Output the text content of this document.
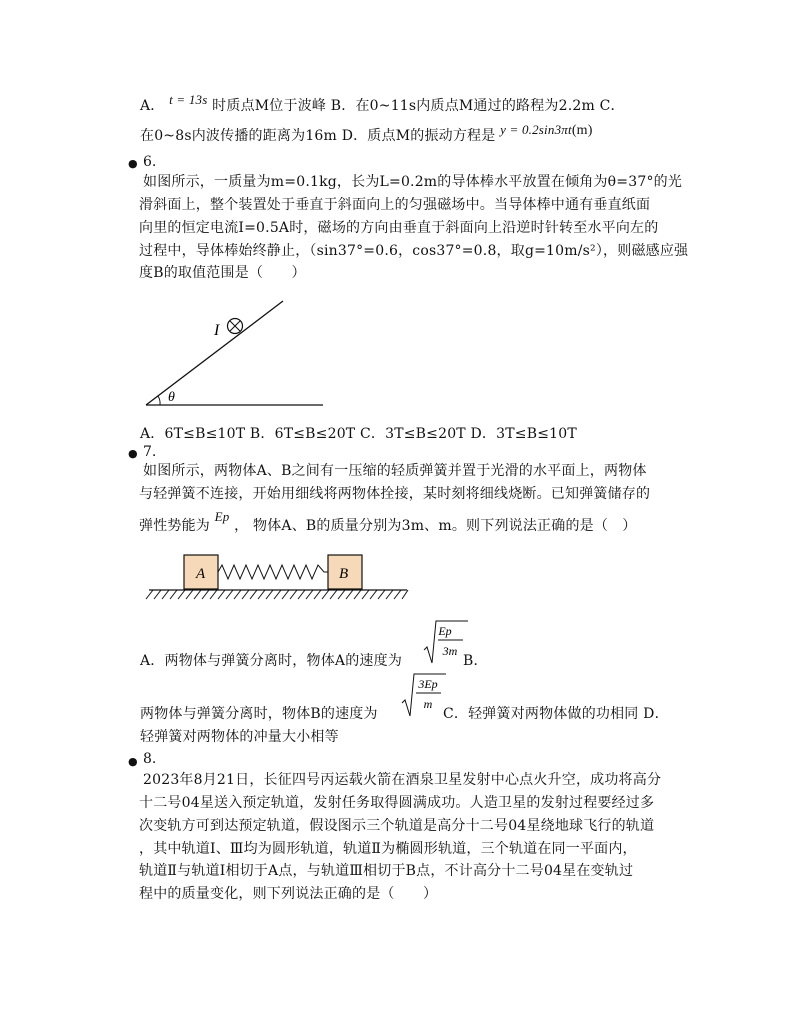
A． t = 13s 时质点M位于波峰 B．在0~11s内质点M通过的路程为2.2m C．
在0~8s内波传播的距离为16m D．质点M的振动方程是 y = 0.2sin3πt(m)
● 6.
如图所示，一质量为m=0.1kg，长为L=0.2m的导体棒水平放置在倾角为θ=37°的光
滑斜面上，整个装置处于垂直于斜面向上的匀强磁场中。当导体棒中通有垂直纸面
向里的恒定电流I=0.5A时，磁场的方向由垂直于斜面向上沿逆时针转至水平向左的
过程中，导体棒始终静止，（sin37°=0.6，cos37°=0.8，取g=10m/s²），则磁感应强
度B的取值范围是（　　）
θ
I
A．6T≤B≤10T B．6T≤B≤20T C．3T≤B≤20T D．3T≤B≤10T
● 7.
如图所示，两物体A、B之间有一压缩的轻质弹簧并置于光滑的水平面上，两物体
与轻弹簧不连接，开始用细线将两物体拴接，某时刻将细线烧断。已知弹簧储存的
弹性势能为 Ep ， 物体A、B的质量分别为3m、m。则下列说法正确的是（　）
A	B
A．两物体与弹簧分离时，物体A的速度为
Ep
3m
B．
两物体与弹簧分离时，物体B的速度为
3Ep
m
C．轻弹簧对两物体做的功相同 D．
轻弹簧对两物体的冲量大小相等
● 8.
2023年8月21日，长征四号丙运载火箭在酒泉卫星发射中心点火升空，成功将高分
十二号04星送入预定轨道，发射任务取得圆满成功。人造卫星的发射过程要经过多
次变轨方可到达预定轨道，假设图示三个轨道是高分十二号04星绕地球飞行的轨道
，其中轨道Ⅰ、Ⅲ均为圆形轨道，轨道Ⅱ为椭圆形轨道，三个轨道在同一平面内，
轨道Ⅱ与轨道Ⅰ相切于A点，与轨道Ⅲ相切于B点，不计高分十二号04星在变轨过
程中的质量变化，则下列说法正确的是（　　）
